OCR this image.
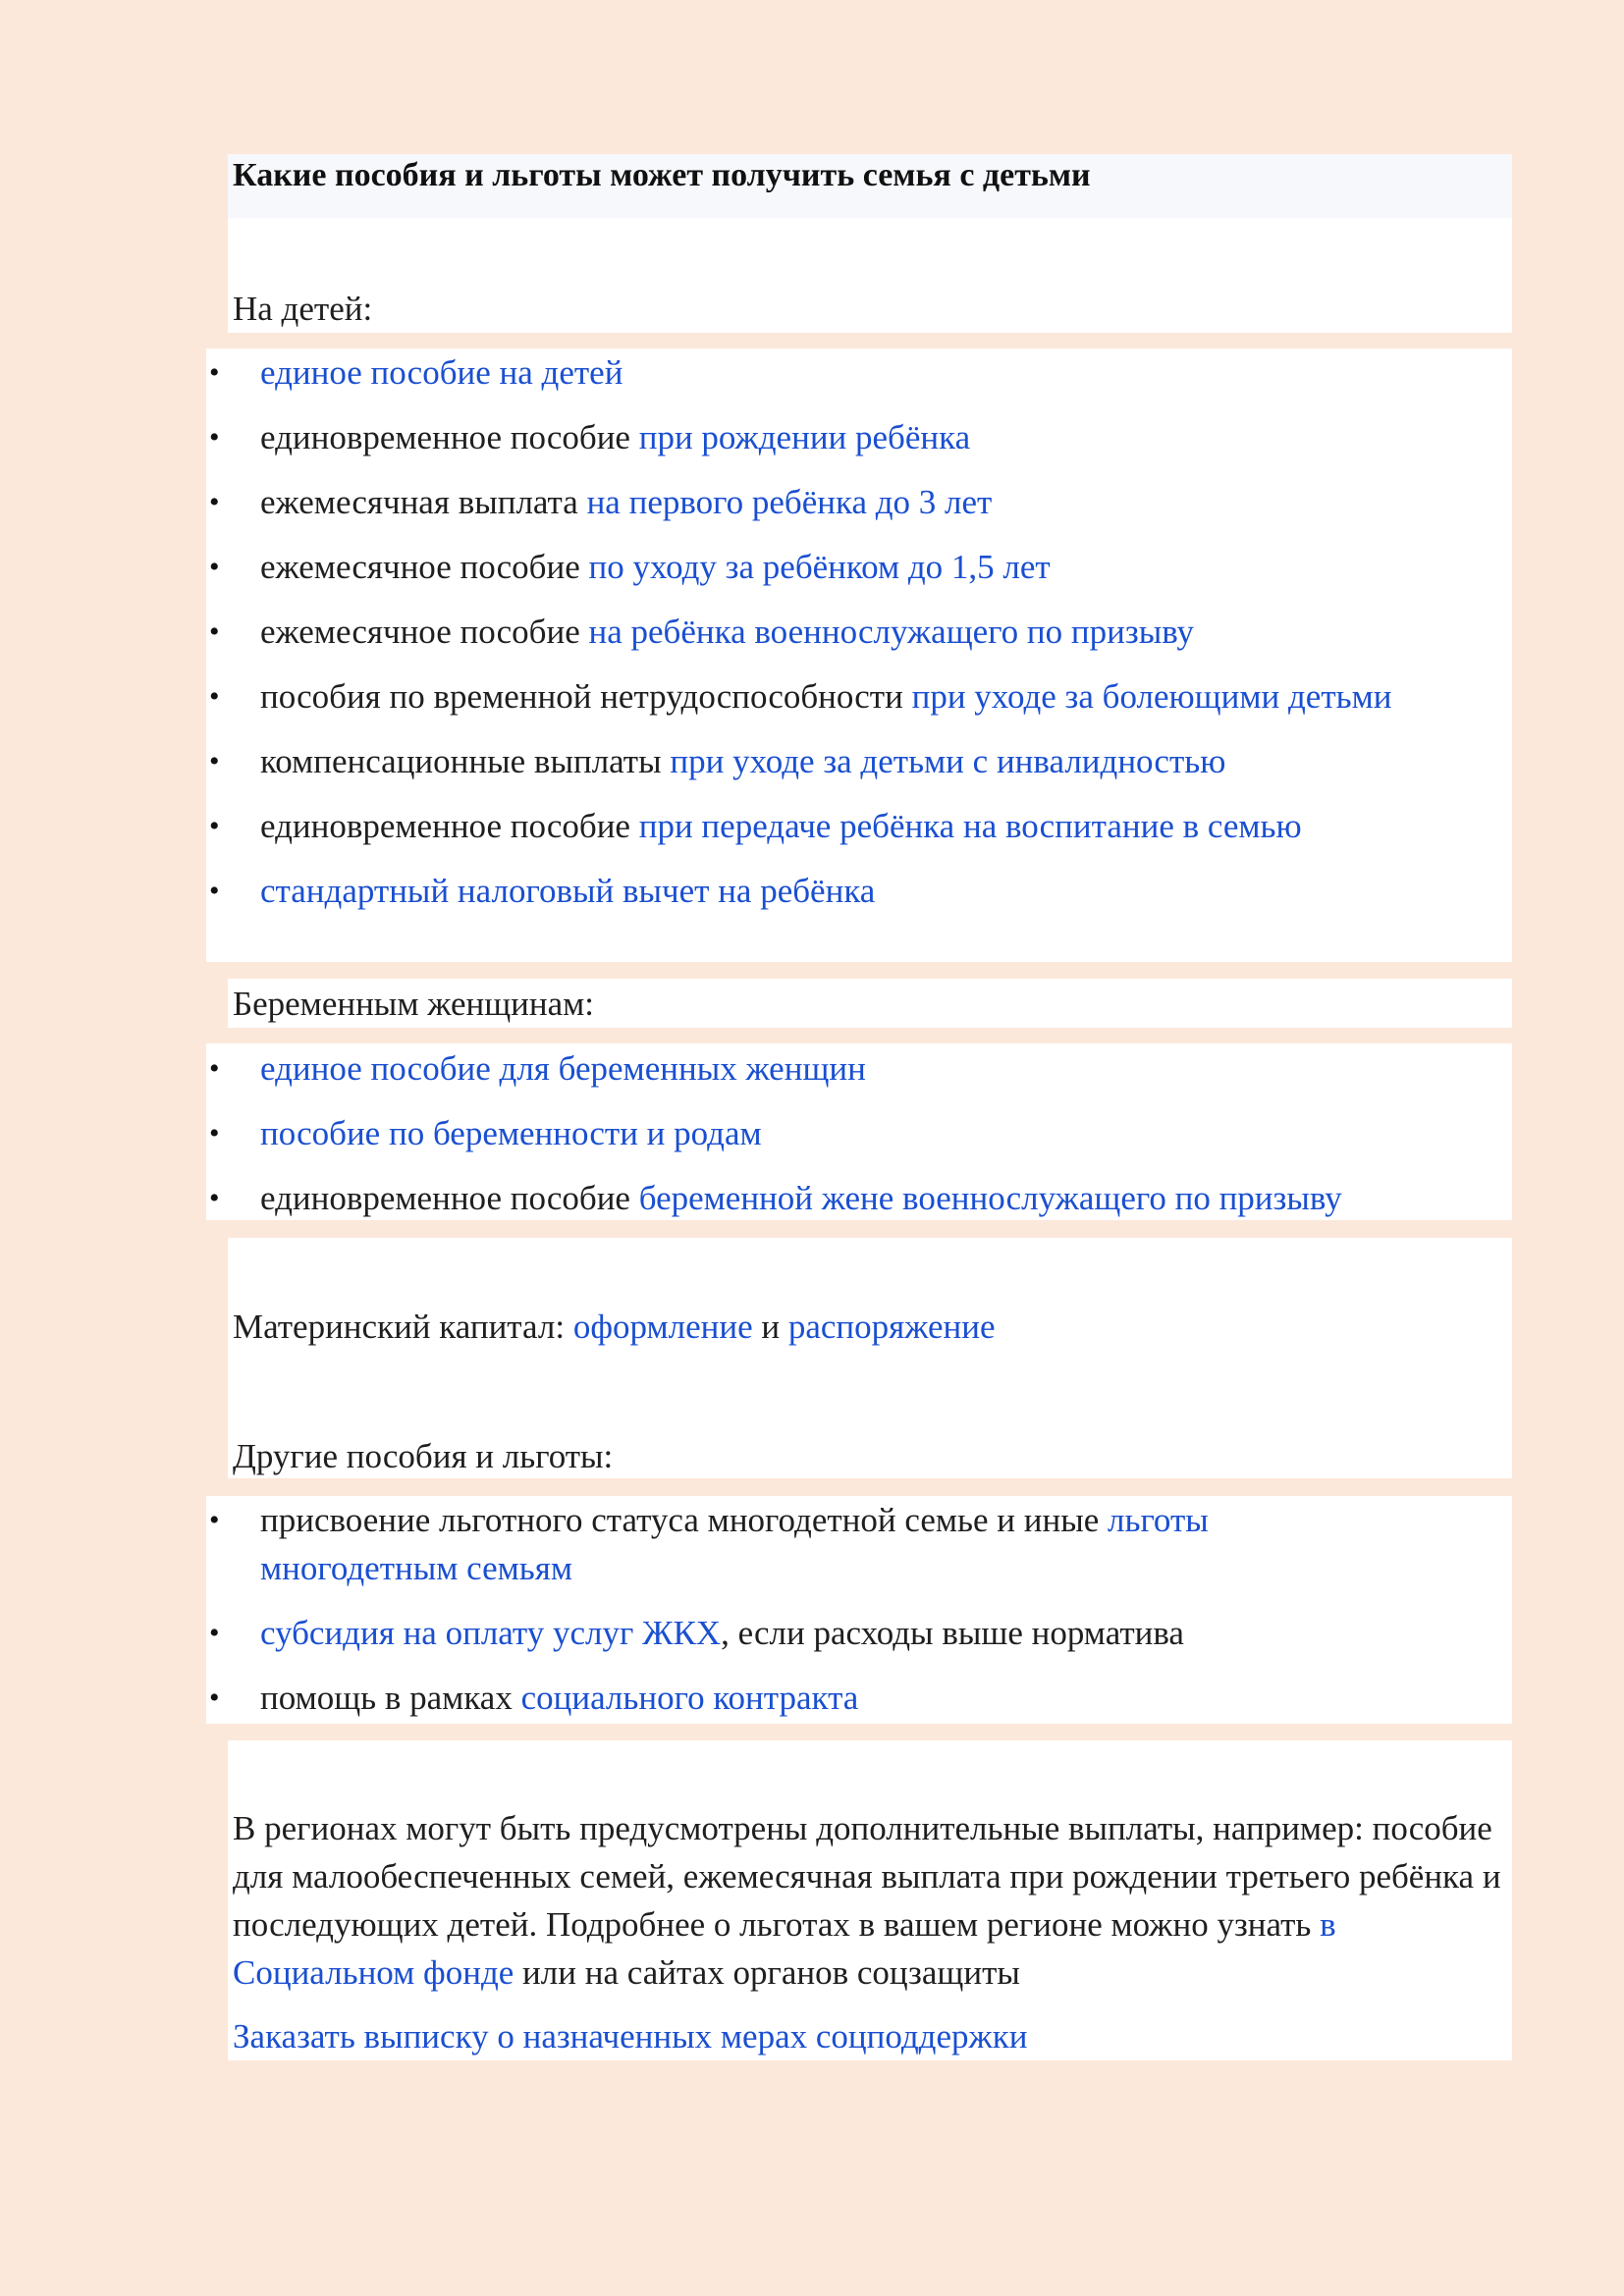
Какие пособия и льготы может получить семья с детьми
На детей:
• единое пособие на детей
• единовременное пособие при рождении ребёнка
• ежемесячная выплата на первого ребёнка до 3 лет
• ежемесячное пособие по уходу за ребёнком до 1,5 лет
• ежемесячное пособие на ребёнка военнослужащего по призыву
• пособия по временной нетрудоспособности при уходе за болеющими детьми
• компенсационные выплаты при уходе за детьми с инвалидностью
• единовременное пособие при передаче ребёнка на воспитание в семью
• стандартный налоговый вычет на ребёнка
Беременным женщинам:
• единое пособие для беременных женщин
• пособие по беременности и родам
• единовременное пособие беременной жене военнослужащего по призыву
Материнский капитал: оформление и распоряжение
Другие пособия и льготы:
• присвоение льготного статуса многодетной семье и иные льготы многодетным семьям
• субсидия на оплату услуг ЖКХ, если расходы выше норматива
• помощь в рамках социального контракта
В регионах могут быть предусмотрены дополнительные выплаты, например: пособие для малообеспеченных семей, ежемесячная выплата при рождении третьего ребёнка и последующих детей. Подробнее о льготах в вашем регионе можно узнать в Социальном фонде или на сайтах органов соцзащиты
Заказать выписку о назначенных мерах соцподдержки
